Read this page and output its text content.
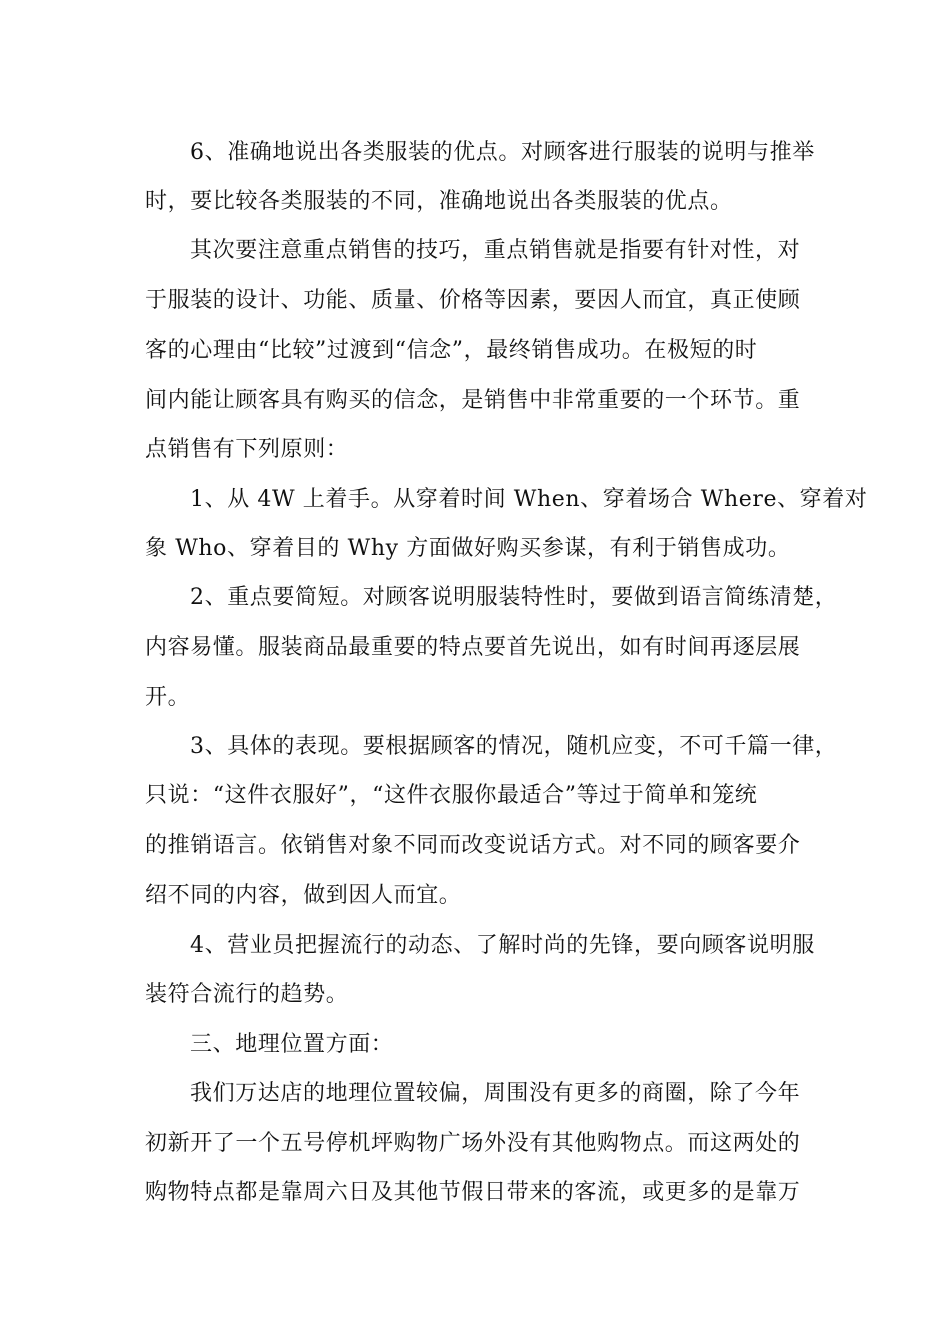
6、准确地说出各类服装的优点。对顾客进行服装的说明与推举
时，要比较各类服装的不同，准确地说出各类服装的优点。
其次要注意重点销售的技巧，重点销售就是指要有针对性，对
于服装的设计、功能、质量、价格等因素，要因人而宜，真正使顾
客的心理由“比较”过渡到“信念”，最终销售成功。在极短的时
间内能让顾客具有购买的信念，是销售中非常重要的一个环节。重
点销售有下列原则：
1、从 4W 上着手。从穿着时间 When、穿着场合 Where、穿着对
象 Who、穿着目的 Why 方面做好购买参谋，有利于销售成功。
2、重点要简短。对顾客说明服装特性时，要做到语言简练清楚，
内容易懂。服装商品最重要的特点要首先说出，如有时间再逐层展
开。
3、具体的表现。要根据顾客的情况，随机应变，不可千篇一律，
只说：“这件衣服好”，“这件衣服你最适合”等过于简单和笼统
的推销语言。依销售对象不同而改变说话方式。对不同的顾客要介
绍不同的内容，做到因人而宜。
4、营业员把握流行的动态、了解时尚的先锋，要向顾客说明服
装符合流行的趋势。
三、地理位置方面：
我们万达店的地理位置较偏，周围没有更多的商圈，除了今年
初新开了一个五号停机坪购物广场外没有其他购物点。而这两处的
购物特点都是靠周六日及其他节假日带来的客流，或更多的是靠万
